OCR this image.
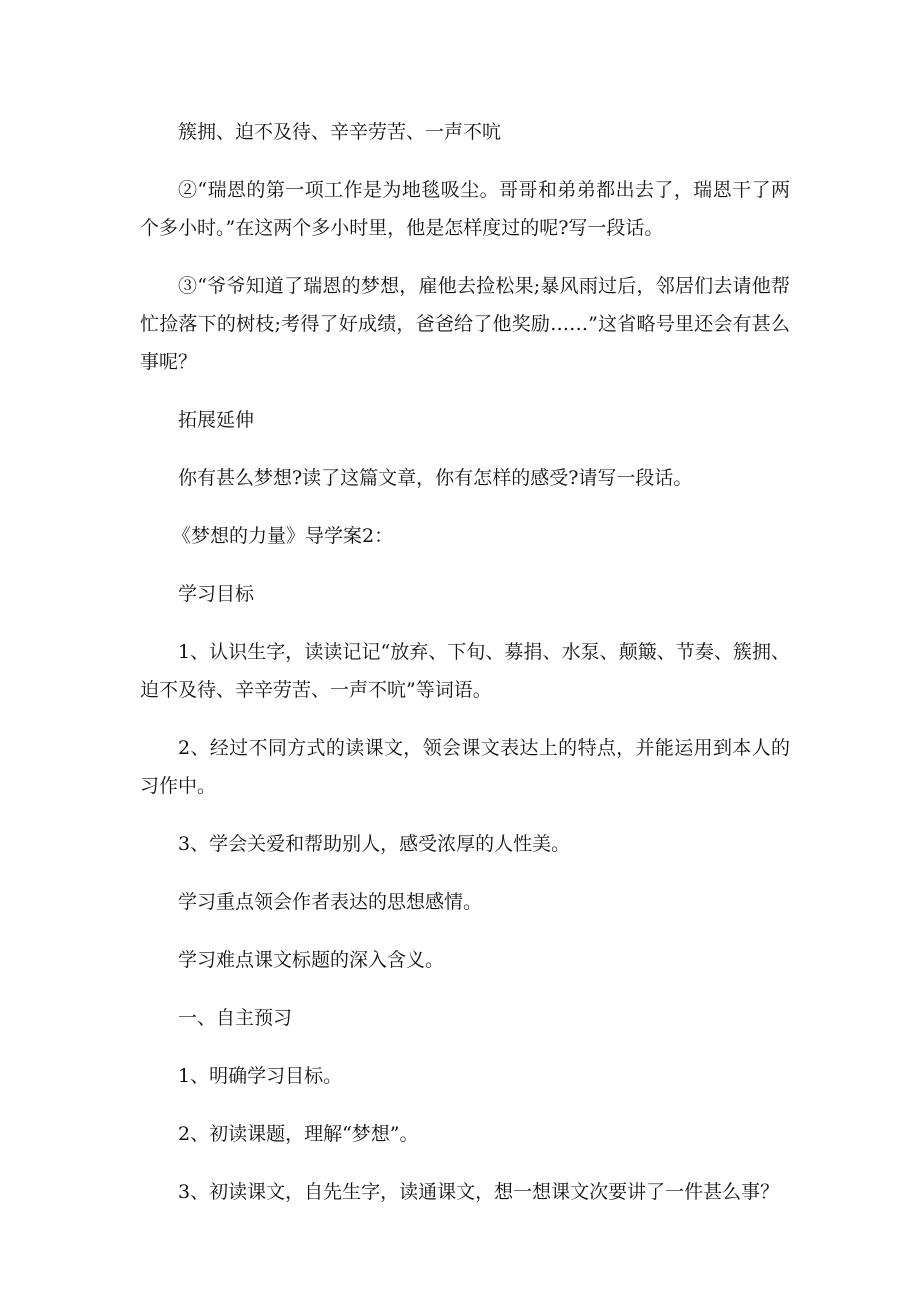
簇拥、迫不及待、辛辛劳苦、一声不吭

②“瑞恩的第一项工作是为地毯吸尘。哥哥和弟弟都出去了，瑞恩干了两个多小时。”在这两个多小时里，他是怎样度过的呢?写一段话。

③“爷爷知道了瑞恩的梦想，雇他去捡松果;暴风雨过后，邻居们去请他帮忙捡落下的树枝;考得了好成绩，爸爸给了他奖励……”这省略号里还会有甚么事呢？

拓展延伸

你有甚么梦想?读了这篇文章，你有怎样的感受?请写一段话。

《梦想的力量》导学案2：

学习目标

1、认识生字，读读记记“放弃、下旬、募捐、水泵、颠簸、节奏、簇拥、迫不及待、辛辛劳苦、一声不吭”等词语。

2、经过不同方式的读课文，领会课文表达上的特点，并能运用到本人的习作中。

3、学会关爱和帮助别人，感受浓厚的人性美。

学习重点领会作者表达的思想感情。

学习难点课文标题的深入含义。

一、自主预习

1、明确学习目标。

2、初读课题，理解“梦想”。

3、初读课文，自先生字，读通课文，想一想课文次要讲了一件甚么事？
